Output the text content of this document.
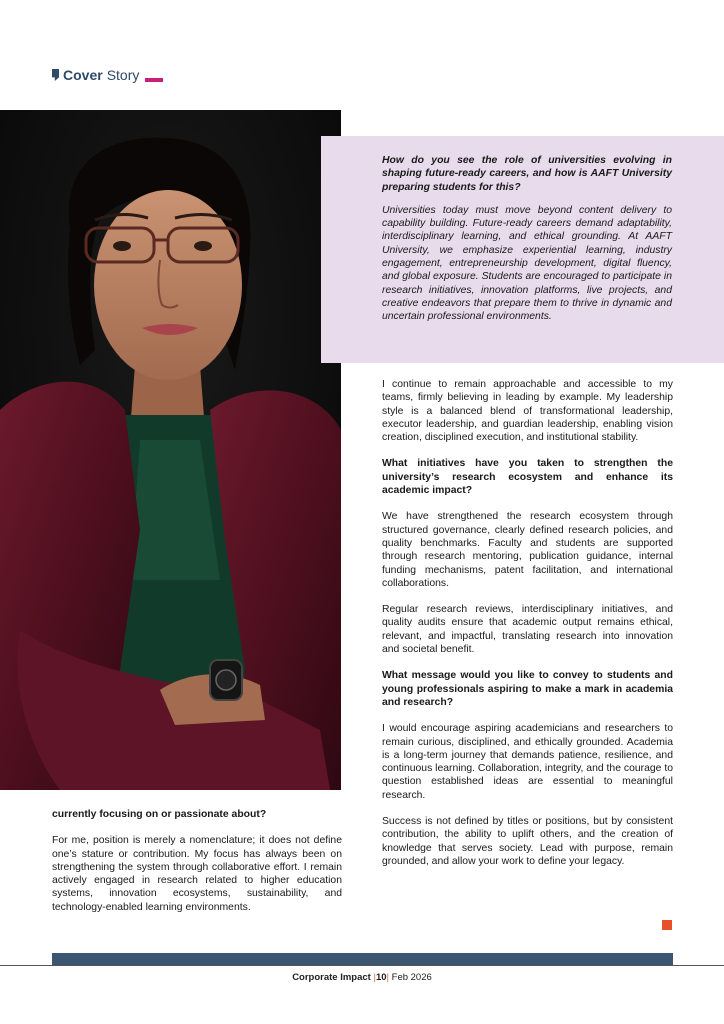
Cover Story

How do you see the role of universities evolving in shaping future-ready careers, and how is AAFT University preparing students for this?

Universities today must move beyond content delivery to capability building. Future-ready careers demand adaptability, interdisciplinary learning, and ethical grounding. At AAFT University, we emphasize experiential learning, industry engagement, entrepreneurship development, digital fluency, and global exposure. Students are encouraged to participate in research initiatives, innovation platforms, live projects, and creative endeavors that prepare them to thrive in dynamic and uncertain professional environments.

I continue to remain approachable and accessible to my teams, firmly believing in leading by example. My leadership style is a balanced blend of transformational leadership, executor leadership, and guardian leadership, enabling vision creation, disciplined execution, and institutional stability.

What initiatives have you taken to strengthen the university’s research ecosystem and enhance its academic impact?

We have strengthened the research ecosystem through structured governance, clearly defined research policies, and quality benchmarks. Faculty and students are supported through research mentoring, publication guidance, internal funding mechanisms, patent facilitation, and international collaborations.

Regular research reviews, interdisciplinary initiatives, and quality audits ensure that academic output remains ethical, relevant, and impactful, translating research into innovation and societal benefit.

What message would you like to convey to students and young professionals aspiring to make a mark in academia and research?

I would encourage aspiring academicians and researchers to remain curious, disciplined, and ethically grounded. Academia is a long-term journey that demands patience, resilience, and continuous learning. Collaboration, integrity, and the courage to question established ideas are essential to meaningful research.

Success is not defined by titles or positions, but by consistent contribution, the ability to uplift others, and the creation of knowledge that serves society. Lead with purpose, remain grounded, and allow your work to define your legacy.

currently focusing on or passionate about?

For me, position is merely a nomenclature; it does not define one’s stature or contribution. My focus has always been on strengthening the system through collaborative effort. I remain actively engaged in research related to higher education systems, innovation ecosystems, sustainability, and technology-enabled learning environments.

Corporate Impact |10| Feb 2026
